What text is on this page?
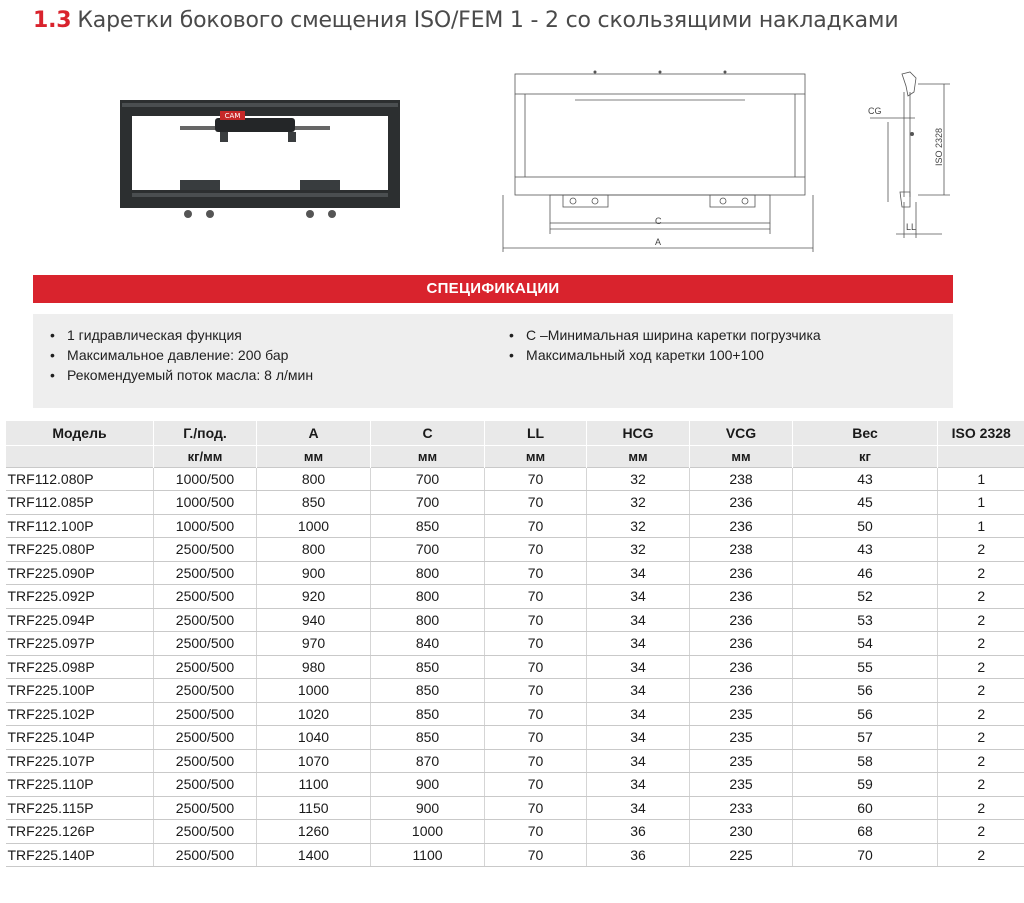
1.3 Каретки бокового смещения ISO/FEM 1 - 2 со скользящими накладками
CAM
C
A
CG
ISO 2328
LL
СПЕЦИФИКАЦИИ
• 1 гидравлическая функция
• Максимальное давление: 200 бар
• Рекомендуемый поток масла: 8 л/мин
• C –Минимальная ширина каретки погрузчика
• Максимальный ход каретки 100+100
Модель	Г./под.	A	C	LL	HCG	VCG	Вес	ISO 2328
	кг/мм	мм	мм	мм	мм	мм	кг	
TRF112.080P	1000/500	800	700	70	32	238	43	1
TRF112.085P	1000/500	850	700	70	32	236	45	1
TRF112.100P	1000/500	1000	850	70	32	236	50	1
TRF225.080P	2500/500	800	700	70	32	238	43	2
TRF225.090P	2500/500	900	800	70	34	236	46	2
TRF225.092P	2500/500	920	800	70	34	236	52	2
TRF225.094P	2500/500	940	800	70	34	236	53	2
TRF225.097P	2500/500	970	840	70	34	236	54	2
TRF225.098P	2500/500	980	850	70	34	236	55	2
TRF225.100P	2500/500	1000	850	70	34	236	56	2
TRF225.102P	2500/500	1020	850	70	34	235	56	2
TRF225.104P	2500/500	1040	850	70	34	235	57	2
TRF225.107P	2500/500	1070	870	70	34	235	58	2
TRF225.110P	2500/500	1100	900	70	34	235	59	2
TRF225.115P	2500/500	1150	900	70	34	233	60	2
TRF225.126P	2500/500	1260	1000	70	36	230	68	2
TRF225.140P	2500/500	1400	1100	70	36	225	70	2
